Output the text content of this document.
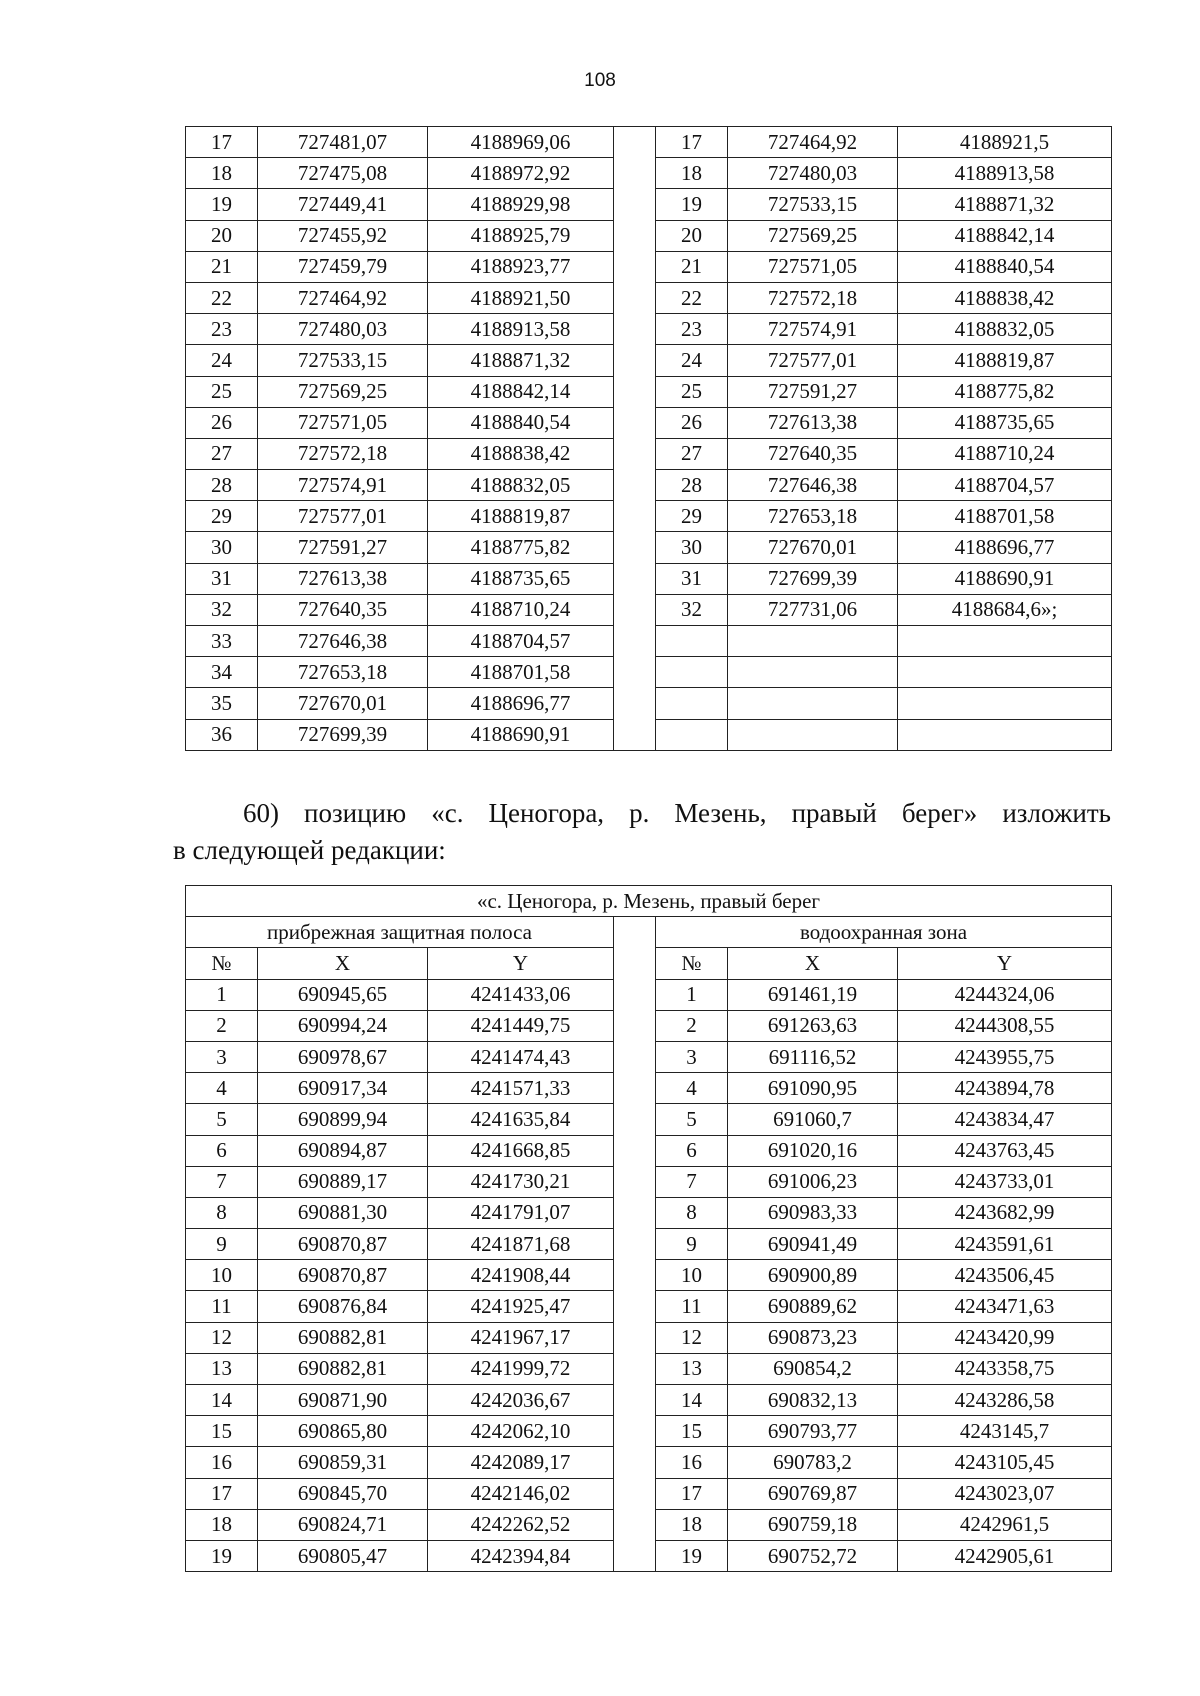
108
17	727481,07	4188969,06		17	727464,92	4188921,5
18	727475,08	4188972,92		18	727480,03	4188913,58
19	727449,41	4188929,98		19	727533,15	4188871,32
20	727455,92	4188925,79		20	727569,25	4188842,14
21	727459,79	4188923,77		21	727571,05	4188840,54
22	727464,92	4188921,50		22	727572,18	4188838,42
23	727480,03	4188913,58		23	727574,91	4188832,05
24	727533,15	4188871,32		24	727577,01	4188819,87
25	727569,25	4188842,14		25	727591,27	4188775,82
26	727571,05	4188840,54		26	727613,38	4188735,65
27	727572,18	4188838,42		27	727640,35	4188710,24
28	727574,91	4188832,05		28	727646,38	4188704,57
29	727577,01	4188819,87		29	727653,18	4188701,58
30	727591,27	4188775,82		30	727670,01	4188696,77
31	727613,38	4188735,65		31	727699,39	4188690,91
32	727640,35	4188710,24		32	727731,06	4188684,6»;
33	727646,38	4188704,57				
34	727653,18	4188701,58				
35	727670,01	4188696,77				
36	727699,39	4188690,91				
60) позицию «с. Ценогора, р. Мезень, правый берег» изложить
в следующей редакции:
«с. Ценогора, р. Мезень, правый берег						
прибрежная защитная полоса				водоохранная зона		
№	X	Y		№	X	Y
1	690945,65	4241433,06		1	691461,19	4244324,06
2	690994,24	4241449,75		2	691263,63	4244308,55
3	690978,67	4241474,43		3	691116,52	4243955,75
4	690917,34	4241571,33		4	691090,95	4243894,78
5	690899,94	4241635,84		5	691060,7	4243834,47
6	690894,87	4241668,85		6	691020,16	4243763,45
7	690889,17	4241730,21		7	691006,23	4243733,01
8	690881,30	4241791,07		8	690983,33	4243682,99
9	690870,87	4241871,68		9	690941,49	4243591,61
10	690870,87	4241908,44		10	690900,89	4243506,45
11	690876,84	4241925,47		11	690889,62	4243471,63
12	690882,81	4241967,17		12	690873,23	4243420,99
13	690882,81	4241999,72		13	690854,2	4243358,75
14	690871,90	4242036,67		14	690832,13	4243286,58
15	690865,80	4242062,10		15	690793,77	4243145,7
16	690859,31	4242089,17		16	690783,2	4243105,45
17	690845,70	4242146,02		17	690769,87	4243023,07
18	690824,71	4242262,52		18	690759,18	4242961,5
19	690805,47	4242394,84		19	690752,72	4242905,61
